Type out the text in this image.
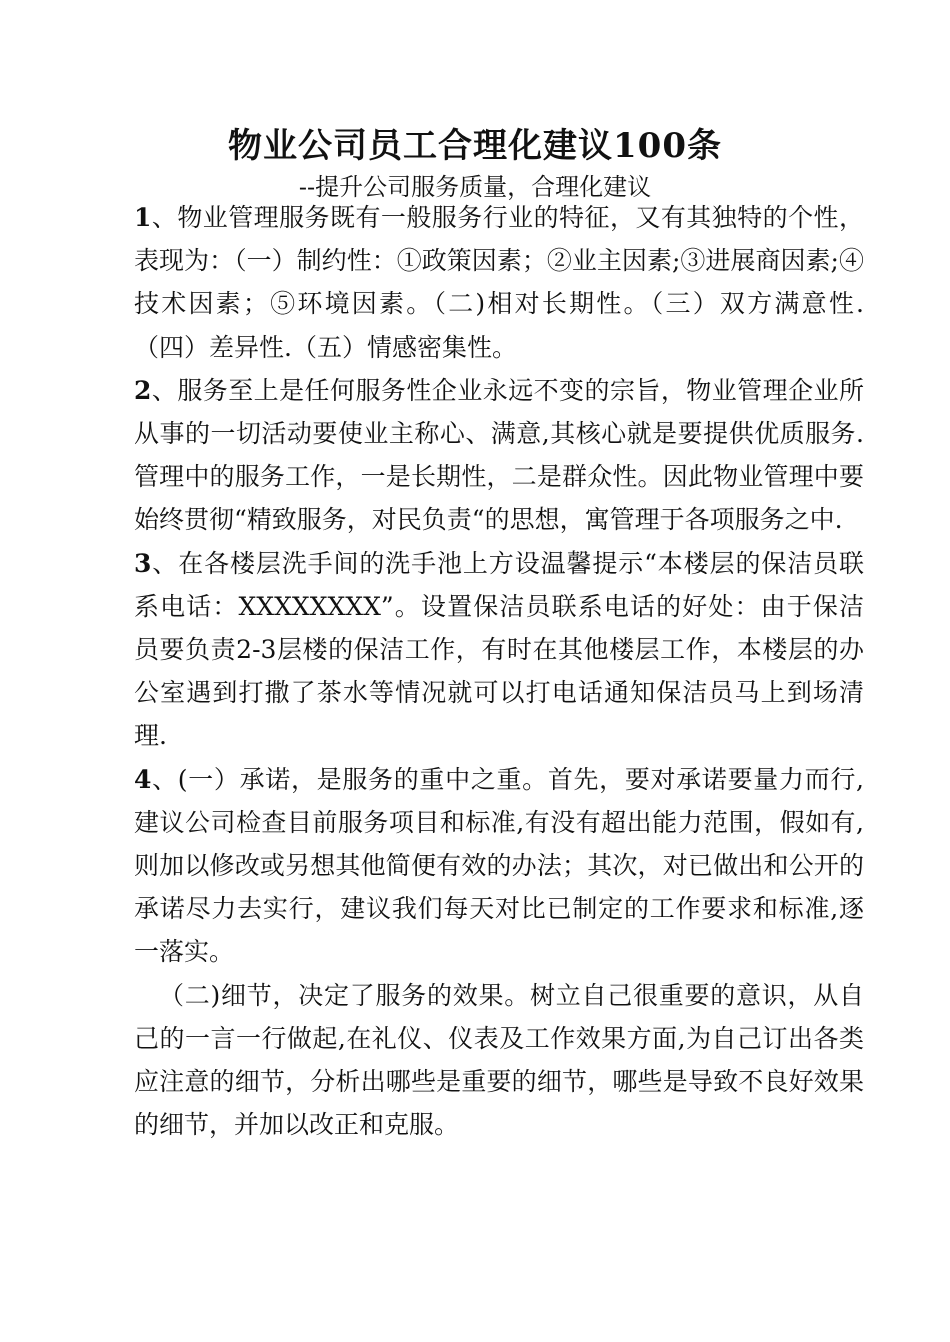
物业公司员工合理化建议100条
--提升公司服务质量，合理化建议

1、物业管理服务既有一般服务行业的特征，又有其独特的个性，表现为：（一）制约性：①政策因素；②业主因素;③进展商因素;④技术因素；⑤环境因素。（二)相对长期性。（三）双方满意性.（四）差异性.（五）情感密集性。

2、服务至上是任何服务性企业永远不变的宗旨，物业管理企业所从事的一切活动要使业主称心、满意,其核心就是要提供优质服务.管理中的服务工作，一是长期性，二是群众性。因此物业管理中要始终贯彻“精致服务，对民负责“的思想，寓管理于各项服务之中.

3、在各楼层洗手间的洗手池上方设温馨提示“本楼层的保洁员联系电话：XXXXXXXX”。设置保洁员联系电话的好处：由于保洁员要负责2-3层楼的保洁工作，有时在其他楼层工作，本楼层的办公室遇到打撒了茶水等情况就可以打电话通知保洁员马上到场清理.

4、(一）承诺，是服务的重中之重。首先，要对承诺要量力而行,建议公司检查目前服务项目和标准,有没有超出能力范围，假如有,则加以修改或另想其他简便有效的办法；其次，对已做出和公开的承诺尽力去实行，建议我们每天对比已制定的工作要求和标准,逐一落实。

（二)细节，决定了服务的效果。树立自己很重要的意识，从自己的一言一行做起,在礼仪、仪表及工作效果方面,为自己订出各类应注意的细节，分析出哪些是重要的细节，哪些是导致不良好效果的细节，并加以改正和克服。
